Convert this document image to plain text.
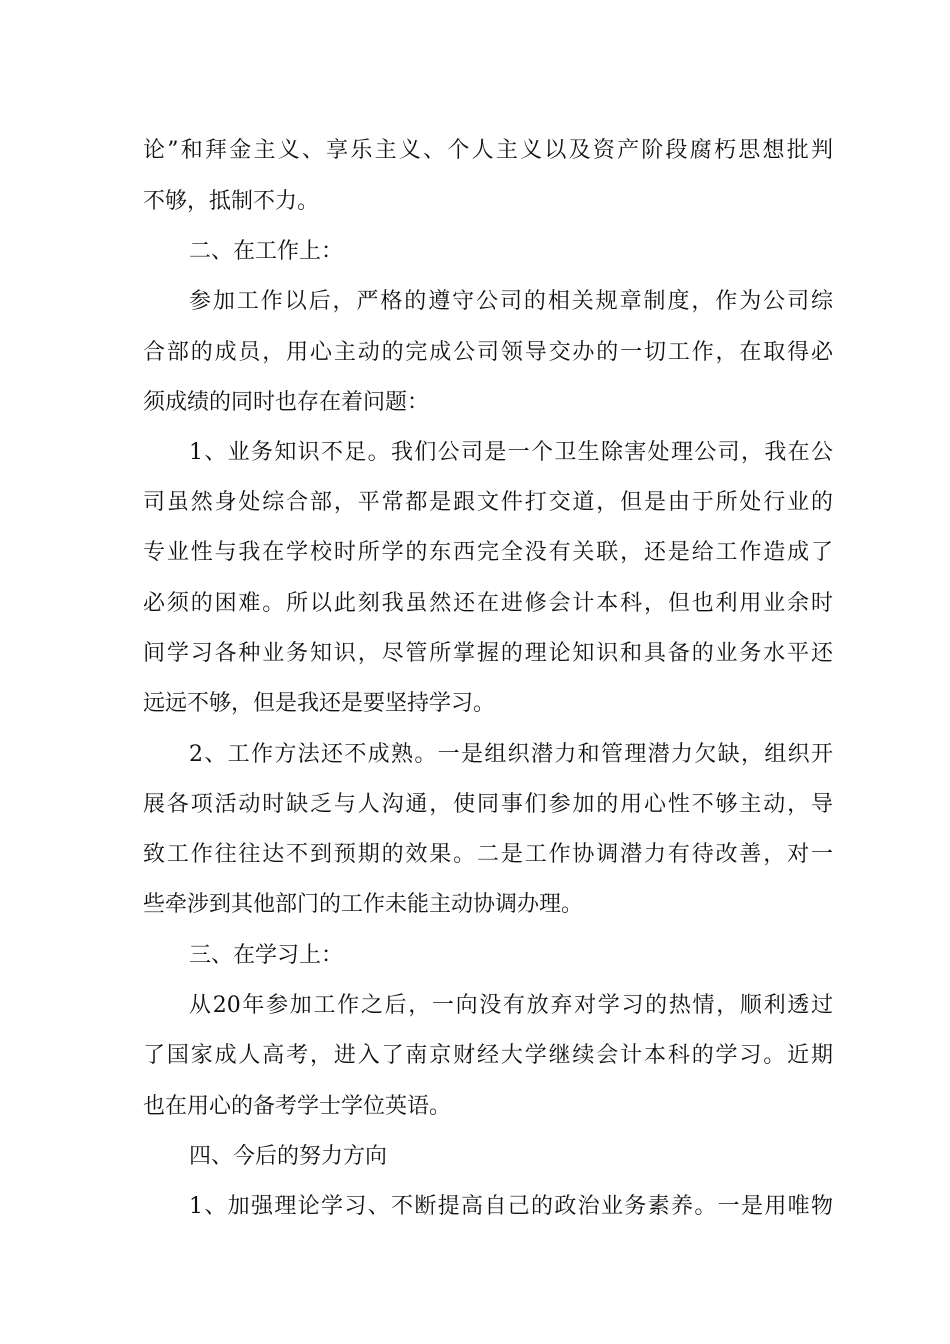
论”和拜金主义、享乐主义、个人主义以及资产阶段腐朽思想批判
不够，抵制不力。
二、在工作上：
参加工作以后，严格的遵守公司的相关规章制度，作为公司综
合部的成员，用心主动的完成公司领导交办的一切工作，在取得必
须成绩的同时也存在着问题：
1、业务知识不足。我们公司是一个卫生除害处理公司，我在公
司虽然身处综合部，平常都是跟文件打交道，但是由于所处行业的
专业性与我在学校时所学的东西完全没有关联，还是给工作造成了
必须的困难。所以此刻我虽然还在进修会计本科，但也利用业余时
间学习各种业务知识，尽管所掌握的理论知识和具备的业务水平还
远远不够，但是我还是要坚持学习。
2、工作方法还不成熟。一是组织潜力和管理潜力欠缺，组织开
展各项活动时缺乏与人沟通，使同事们参加的用心性不够主动，导
致工作往往达不到预期的效果。二是工作协调潜力有待改善，对一
些牵涉到其他部门的工作未能主动协调办理。
三、在学习上：
从20年参加工作之后，一向没有放弃对学习的热情，顺利透过
了国家成人高考，进入了南京财经大学继续会计本科的学习。近期
也在用心的备考学士学位英语。
四、今后的努力方向
1、加强理论学习、不断提高自己的政治业务素养。一是用唯物
